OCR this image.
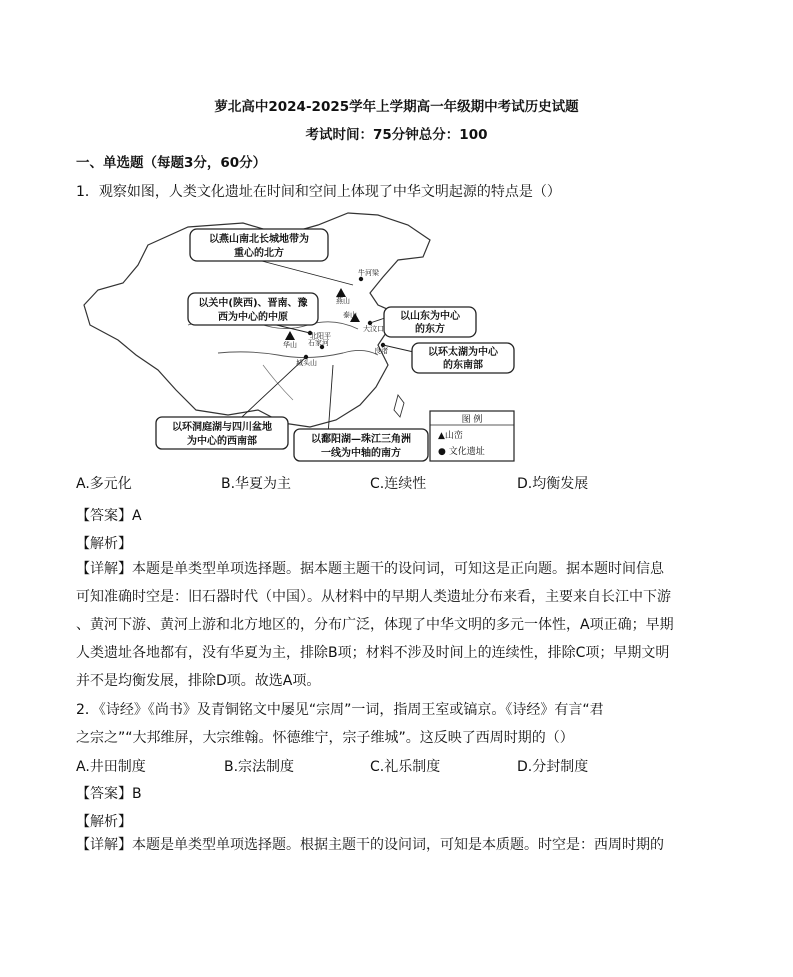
萝北高中2024-2025学年上学期高一年级期中考试历史试题
考试时间：75分钟总分：100
一、单选题（每题3分，60分）
1．观察如图，人类文化遗址在时间和空间上体现了中华文明起源的特点是（）
牛河梁
燕山
泰山
大汶口
北阳平
华山 石家河
城头山
良渚
以燕山南北长城地带为
重心的北方
以关中(陕西)、晋南、豫
西为中心的中原	以山东为中心
的东方
以环太湖为中心
的东南部
以环洞庭湖与四川盆地
为中心的西南部	以鄱阳湖—珠江三角洲
一线为中轴的南方
图 例
▲山峦
● 文化遗址
A.多元化	B.华夏为主	C.连续性	D.均衡发展
【答案】A
【解析】
【详解】本题是单类型单项选择题。据本题主题干的设问词，可知这是正向题。据本题时间信息
可知准确时空是：旧石器时代（中国）。从材料中的早期人类遗址分布来看，主要来自长江中下游
、黄河下游、黄河上游和北方地区的，分布广泛，体现了中华文明的多元一体性，A项正确；早期
人类遗址各地都有，没有华夏为主，排除B项；材料不涉及时间上的连续性，排除C项；早期文明
并不是均衡发展，排除D项。故选A项。
2．《诗经》《尚书》及青铜铭文中屡见“宗周”一词，指周王室或镐京。《诗经》有言“君
之宗之”“大邦维屏，大宗维翰。怀德维宁，宗子维城”。这反映了西周时期的（）
A.井田制度	B.宗法制度	C.礼乐制度	D.分封制度
【答案】B
【解析】
【详解】本题是单类型单项选择题。根据主题干的设问词，可知是本质题。时空是：西周时期的
